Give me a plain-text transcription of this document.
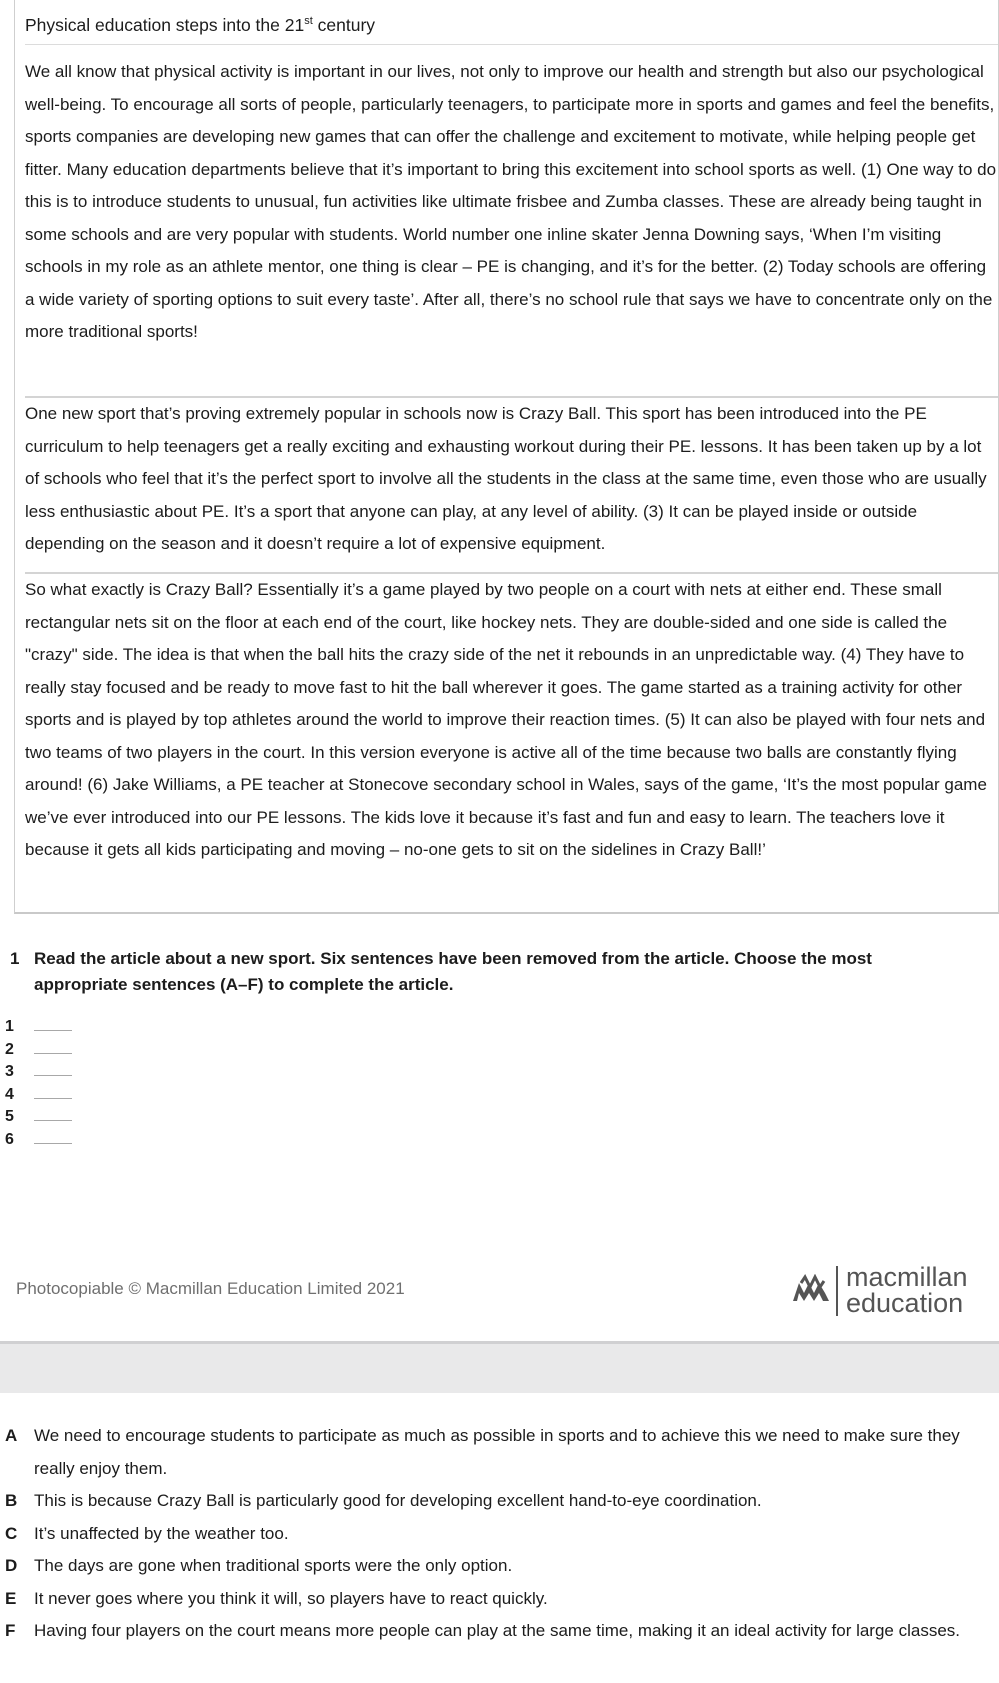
Physical education steps into the 21st century
We all know that physical activity is important in our lives, not only to improve our health and strength but also our psychological well-being. To encourage all sorts of people, particularly teenagers, to participate more in sports and games and feel the benefits, sports companies are developing new games that can offer the challenge and excitement to motivate, while helping people get fitter. Many education departments believe that it’s important to bring this excitement into school sports as well. (1) One way to do this is to introduce students to unusual, fun activities like ultimate frisbee and Zumba classes. These are already being taught in some schools and are very popular with students. World number one inline skater Jenna Downing says, ‘When I’m visiting schools in my role as an athlete mentor, one thing is clear – PE is changing, and it’s for the better. (2) Today schools are offering a wide variety of sporting options to suit every taste’. After all, there’s no school rule that says we have to concentrate only on the more traditional sports!
One new sport that’s proving extremely popular in schools now is Crazy Ball. This sport has been introduced into the PE curriculum to help teenagers get a really exciting and exhausting workout during their PE. lessons. It has been taken up by a lot of schools who feel that it’s the perfect sport to involve all the students in the class at the same time, even those who are usually less enthusiastic about PE. It’s a sport that anyone can play, at any level of ability. (3) It can be played inside or outside depending on the season and it doesn’t require a lot of expensive equipment.
So what exactly is Crazy Ball? Essentially it’s a game played by two people on a court with nets at either end. These small rectangular nets sit on the floor at each end of the court, like hockey nets. They are double-sided and one side is called the "crazy" side. The idea is that when the ball hits the crazy side of the net it rebounds in an unpredictable way. (4) They have to really stay focused and be ready to move fast to hit the ball wherever it goes. The game started as a training activity for other sports and is played by top athletes around the world to improve their reaction times. (5) It can also be played with four nets and two teams of two players in the court. In this version everyone is active all of the time because two balls are constantly flying around! (6) Jake Williams, a PE teacher at Stonecove secondary school in Wales, says of the game, ‘It’s the most popular game we’ve ever introduced into our PE lessons. The kids love it because it’s fast and fun and easy to learn. The teachers love it because it gets all kids participating and moving – no-one gets to sit on the sidelines in Crazy Ball!’
1 Read the article about a new sport. Six sentences have been removed from the article. Choose the most appropriate sentences (A–F) to complete the article.
1
2
3
4
5
6
Photocopiable © Macmillan Education Limited 2021	macmillan
education
A We need to encourage students to participate as much as possible in sports and to achieve this we need to make sure they really enjoy them.
B This is because Crazy Ball is particularly good for developing excellent hand-to-eye coordination.
C It’s unaffected by the weather too.
D The days are gone when traditional sports were the only option.
E It never goes where you think it will, so players have to react quickly.
F Having four players on the court means more people can play at the same time, making it an ideal activity for large classes.
